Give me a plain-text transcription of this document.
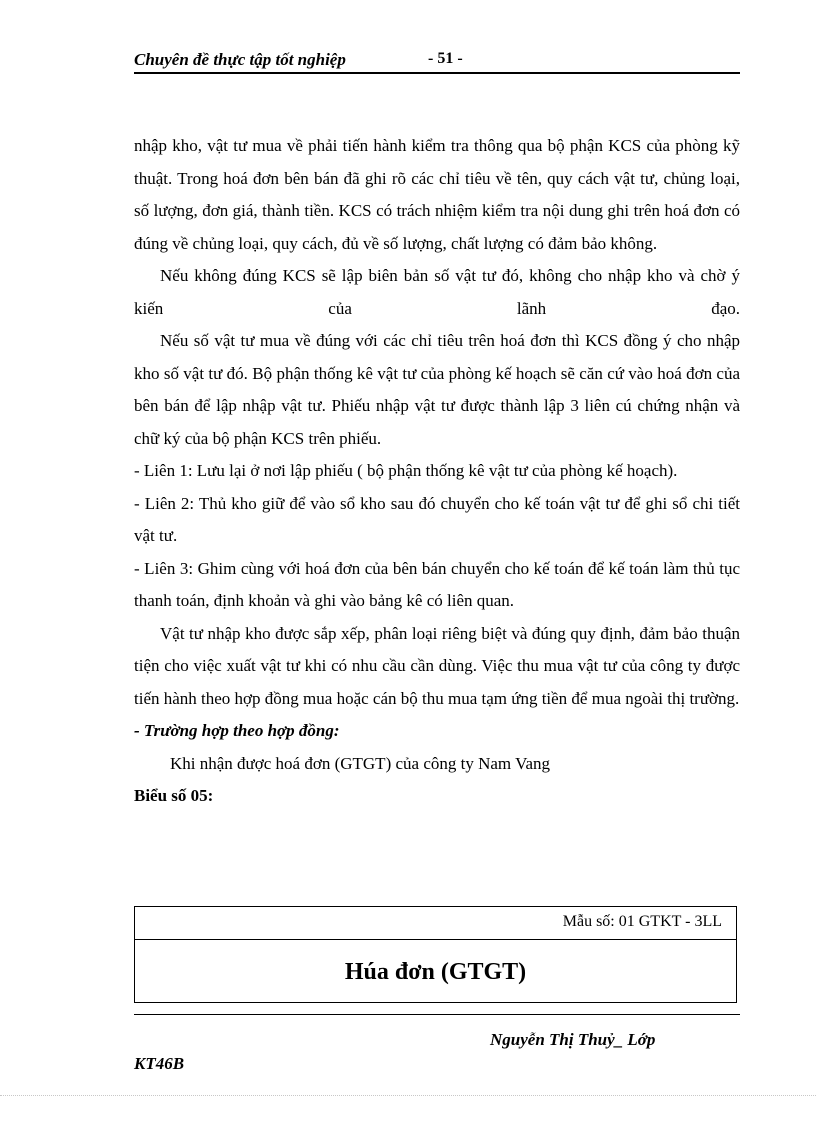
Chuyên đề thực tập tốt nghiệp	- 51 -

nhập kho, vật tư mua về phải tiến hành kiểm tra thông qua bộ phận KCS của phòng kỹ thuật. Trong hoá đơn bên bán đã ghi rõ các chỉ tiêu về tên, quy cách vật tư, chủng loại, số lượng, đơn giá, thành tiền. KCS có trách nhiệm kiểm tra nội dung ghi trên hoá đơn có đúng về chủng loại, quy cách, đủ về số lượng, chất lượng có đảm bảo không.

Nếu không đúng KCS sẽ lập biên bản số vật tư đó, không cho nhập kho và chờ ý kiến của lãnh đạo.

Nếu số vật tư mua về đúng với các chỉ tiêu trên hoá đơn thì KCS đồng ý cho nhập kho số vật tư đó. Bộ phận thống kê vật tư của phòng kế hoạch sẽ căn cứ vào hoá đơn của bên bán để lập nhập vật tư. Phiếu nhập vật tư được thành lập 3 liên cú chứng nhận và chữ ký của bộ phận KCS trên phiếu.

- Liên 1: Lưu lại ở nơi lập phiếu ( bộ phận thống kê vật tư của phòng kế hoạch).

- Liên 2: Thủ kho giữ để vào sổ kho sau đó chuyển cho kế toán vật tư để ghi sổ chi tiết vật tư.

- Liên 3: Ghim cùng với hoá đơn của bên bán chuyển cho kế toán để kế toán làm thủ tục thanh toán, định khoản và ghi vào bảng kê có liên quan.

Vật tư nhập kho được sắp xếp, phân loại riêng biệt và đúng quy định, đảm bảo thuận tiện cho việc xuất vật tư khi có nhu cầu cần dùng. Việc thu mua vật tư của công ty được tiến hành theo hợp đồng mua hoặc cán bộ thu mua tạm ứng tiền để mua ngoài thị trường.

- Trường hợp theo hợp đồng:

Khi nhận được hoá đơn (GTGT) của công ty Nam Vang

Biểu số 05:

Mẫu số: 01 GTKT - 3LL
Húa đơn (GTGT)
Nguyễn Thị Thuỷ_ Lớp
KT46B
